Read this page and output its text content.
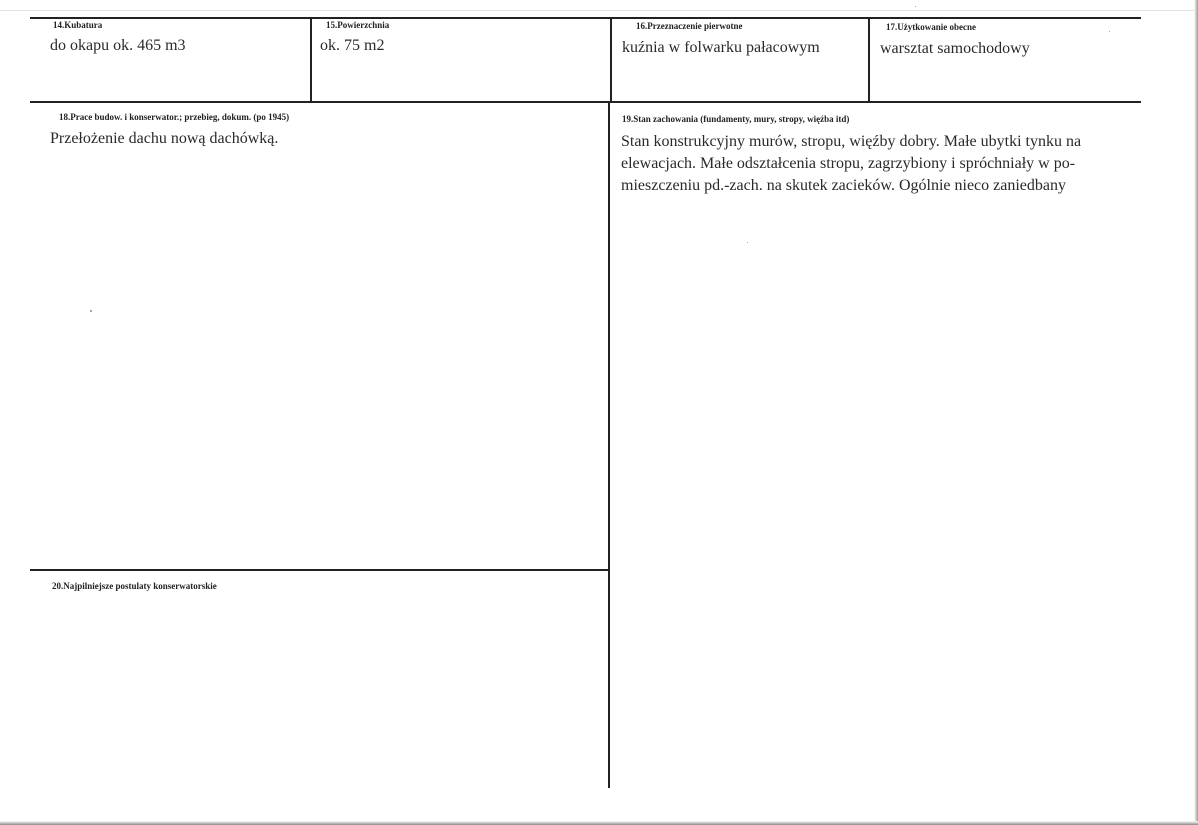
14.Kubatura
do okapu ok. 465 m3
15.Powierzchnia
ok. 75 m2
16.Przeznaczenie pierwotne
kuźnia w folwarku pałacowym
17.Użytkowanie obecne
warsztat samochodowy
18.Prace budow. i konserwator.; przebieg, dokum. (po 1945)
Przełożenie dachu nową dachówką.
19.Stan zachowania (fundamenty, mury, stropy, więźba itd)
Stan konstrukcyjny murów, stropu, więźby dobry. Małe ubytki tynku na
elewacjach. Małe odształcenia stropu, zagrzybiony i spróchniały w po-
mieszczeniu pd.-zach. na skutek zacieków. Ogólnie nieco zaniedbany
20.Najpilniejsze postulaty konserwatorskie
